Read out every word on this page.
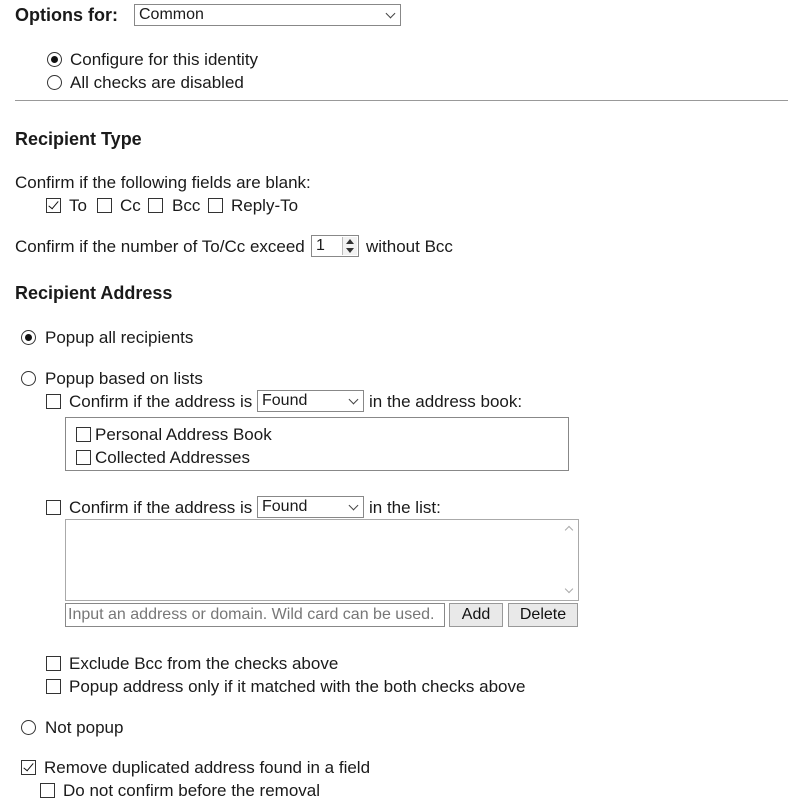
Options for:	Common
Configure for this identity
All checks are disabled
Recipient Type
Confirm if the following fields are blank:
To Cc Bcc Reply-To
Confirm if the number of To/Cc exceed 1 without Bcc
Recipient Address
Popup all recipients
Popup based on lists
Confirm if the address is Found	in the address book:
Personal Address Book
Collected Addresses
Confirm if the address is Found	in the list:
Input an address or domain. Wild card can be used.
Add	Delete
Exclude Bcc from the checks above
Popup address only if it matched with the both checks above
Not popup
Remove duplicated address found in a field
Do not confirm before the removal
